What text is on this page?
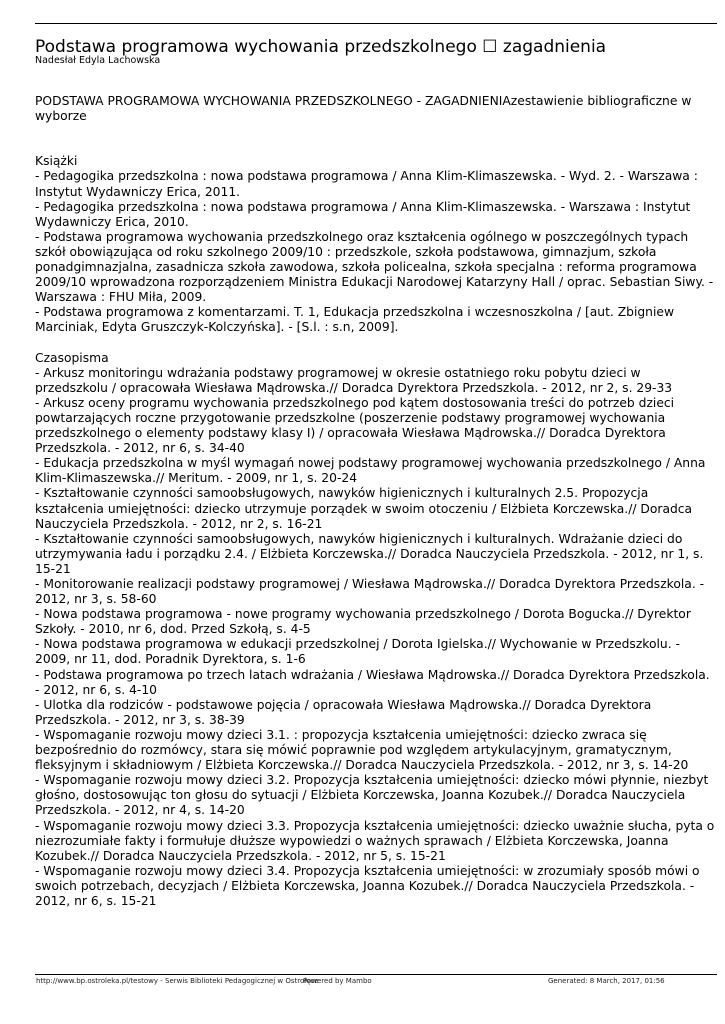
Podstawa programowa wychowania przedszkolnego ☐ zagadnienia
Nadesłał Edyla Lachowska

PODSTAWA PROGRAMOWA WYCHOWANIA PRZEDSZKOLNEGO - ZAGADNIENIAzestawienie bibliograficzne w wyborze

Książki

- Pedagogika przedszkolna : nowa podstawa programowa / Anna Klim-Klimaszewska. - Wyd. 2. - Warszawa : Instytut Wydawniczy Erica, 2011.

- Pedagogika przedszkolna : nowa podstawa programowa / Anna Klim-Klimaszewska. - Warszawa : Instytut Wydawniczy Erica, 2010.

- Podstawa programowa wychowania przedszkolnego oraz kształcenia ogólnego w poszczególnych typach szkół obowiązująca od roku szkolnego 2009/10 : przedszkole, szkoła podstawowa, gimnazjum, szkoła ponadgimnazjalna, zasadnicza szkoła zawodowa, szkoła policealna, szkoła specjalna : reforma programowa 2009/10 wprowadzona rozporządzeniem Ministra Edukacji Narodowej Katarzyny Hall / oprac. Sebastian Siwy. - Warszawa : FHU Miła, 2009.

- Podstawa programowa z komentarzami. T. 1, Edukacja przedszkolna i wczesnoszkolna / [aut. Zbigniew Marciniak, Edyta Gruszczyk-Kolczyńska]. - [S.l. : s.n, 2009].

Czasopisma

- Arkusz monitoringu wdrażania podstawy programowej w okresie ostatniego roku pobytu dzieci w przedszkolu / opracowała Wiesława Mądrowska.// Doradca Dyrektora Przedszkola. - 2012, nr 2, s. 29-33

- Arkusz oceny programu wychowania przedszkolnego pod kątem dostosowania treści do potrzeb dzieci powtarzających roczne przygotowanie przedszkolne (poszerzenie podstawy programowej wychowania przedszkolnego o elementy podstawy klasy I) / opracowała Wiesława Mądrowska.// Doradca Dyrektora Przedszkola. - 2012, nr 6, s. 34-40

- Edukacja przedszkolna w myśl wymagań nowej podstawy programowej wychowania przedszkolnego / Anna Klim-Klimaszewska.// Meritum. - 2009, nr 1, s. 20-24

- Kształtowanie czynności samoobsługowych, nawyków higienicznych i kulturalnych 2.5. Propozycja kształcenia umiejętności: dziecko utrzymuje porządek w swoim otoczeniu / Elżbieta Korczewska.// Doradca Nauczyciela Przedszkola. - 2012, nr 2, s. 16-21

- Kształtowanie czynności samoobsługowych, nawyków higienicznych i kulturalnych. Wdrażanie dzieci do utrzymywania ładu i porządku 2.4. / Elżbieta Korczewska.// Doradca Nauczyciela Przedszkola. - 2012, nr 1, s. 15-21

- Monitorowanie realizacji podstawy programowej / Wiesława Mądrowska.// Doradca Dyrektora Przedszkola. - 2012, nr 3, s. 58-60

- Nowa podstawa programowa - nowe programy wychowania przedszkolnego / Dorota Bogucka.// Dyrektor Szkoły. - 2010, nr 6, dod. Przed Szkołą, s. 4-5

- Nowa podstawa programowa w edukacji przedszkolnej / Dorota Igielska.// Wychowanie w Przedszkolu. - 2009, nr 11, dod. Poradnik Dyrektora, s. 1-6

- Podstawa programowa po trzech latach wdrażania / Wiesława Mądrowska.// Doradca Dyrektora Przedszkola. - 2012, nr 6, s. 4-10

- Ulotka dla rodziców - podstawowe pojęcia / opracowała Wiesława Mądrowska.// Doradca Dyrektora Przedszkola. - 2012, nr 3, s. 38-39

- Wspomaganie rozwoju mowy dzieci 3.1. : propozycja kształcenia umiejętności: dziecko zwraca się bezpośrednio do rozmówcy, stara się mówić poprawnie pod względem artykulacyjnym, gramatycznym, fleksyjnym i składniowym / Elżbieta Korczewska.// Doradca Nauczyciela Przedszkola. - 2012, nr 3, s. 14-20

- Wspomaganie rozwoju mowy dzieci 3.2. Propozycja kształcenia umiejętności: dziecko mówi płynnie, niezbyt głośno, dostosowując ton głosu do sytuacji / Elżbieta Korczewska, Joanna Kozubek.// Doradca Nauczyciela Przedszkola. - 2012, nr 4, s. 14-20

- Wspomaganie rozwoju mowy dzieci 3.3. Propozycja kształcenia umiejętności: dziecko uważnie słucha, pyta o niezrozumiałe fakty i formułuje dłuższe wypowiedzi o ważnych sprawach / Elżbieta Korczewska, Joanna Kozubek.// Doradca Nauczyciela Przedszkola. - 2012, nr 5, s. 15-21

- Wspomaganie rozwoju mowy dzieci 3.4. Propozycja kształcenia umiejętności: w zrozumiały sposób mówi o swoich potrzebach, decyzjach / Elżbieta Korczewska, Joanna Kozubek.// Doradca Nauczyciela Przedszkola. - 2012, nr 6, s. 15-21

http://www.bp.ostroleka.pl/testowy - Serwis Biblioteki Pedagogicznej w Ostrołęce
Powered by Mambo	Generated: 8 March, 2017, 01:56
